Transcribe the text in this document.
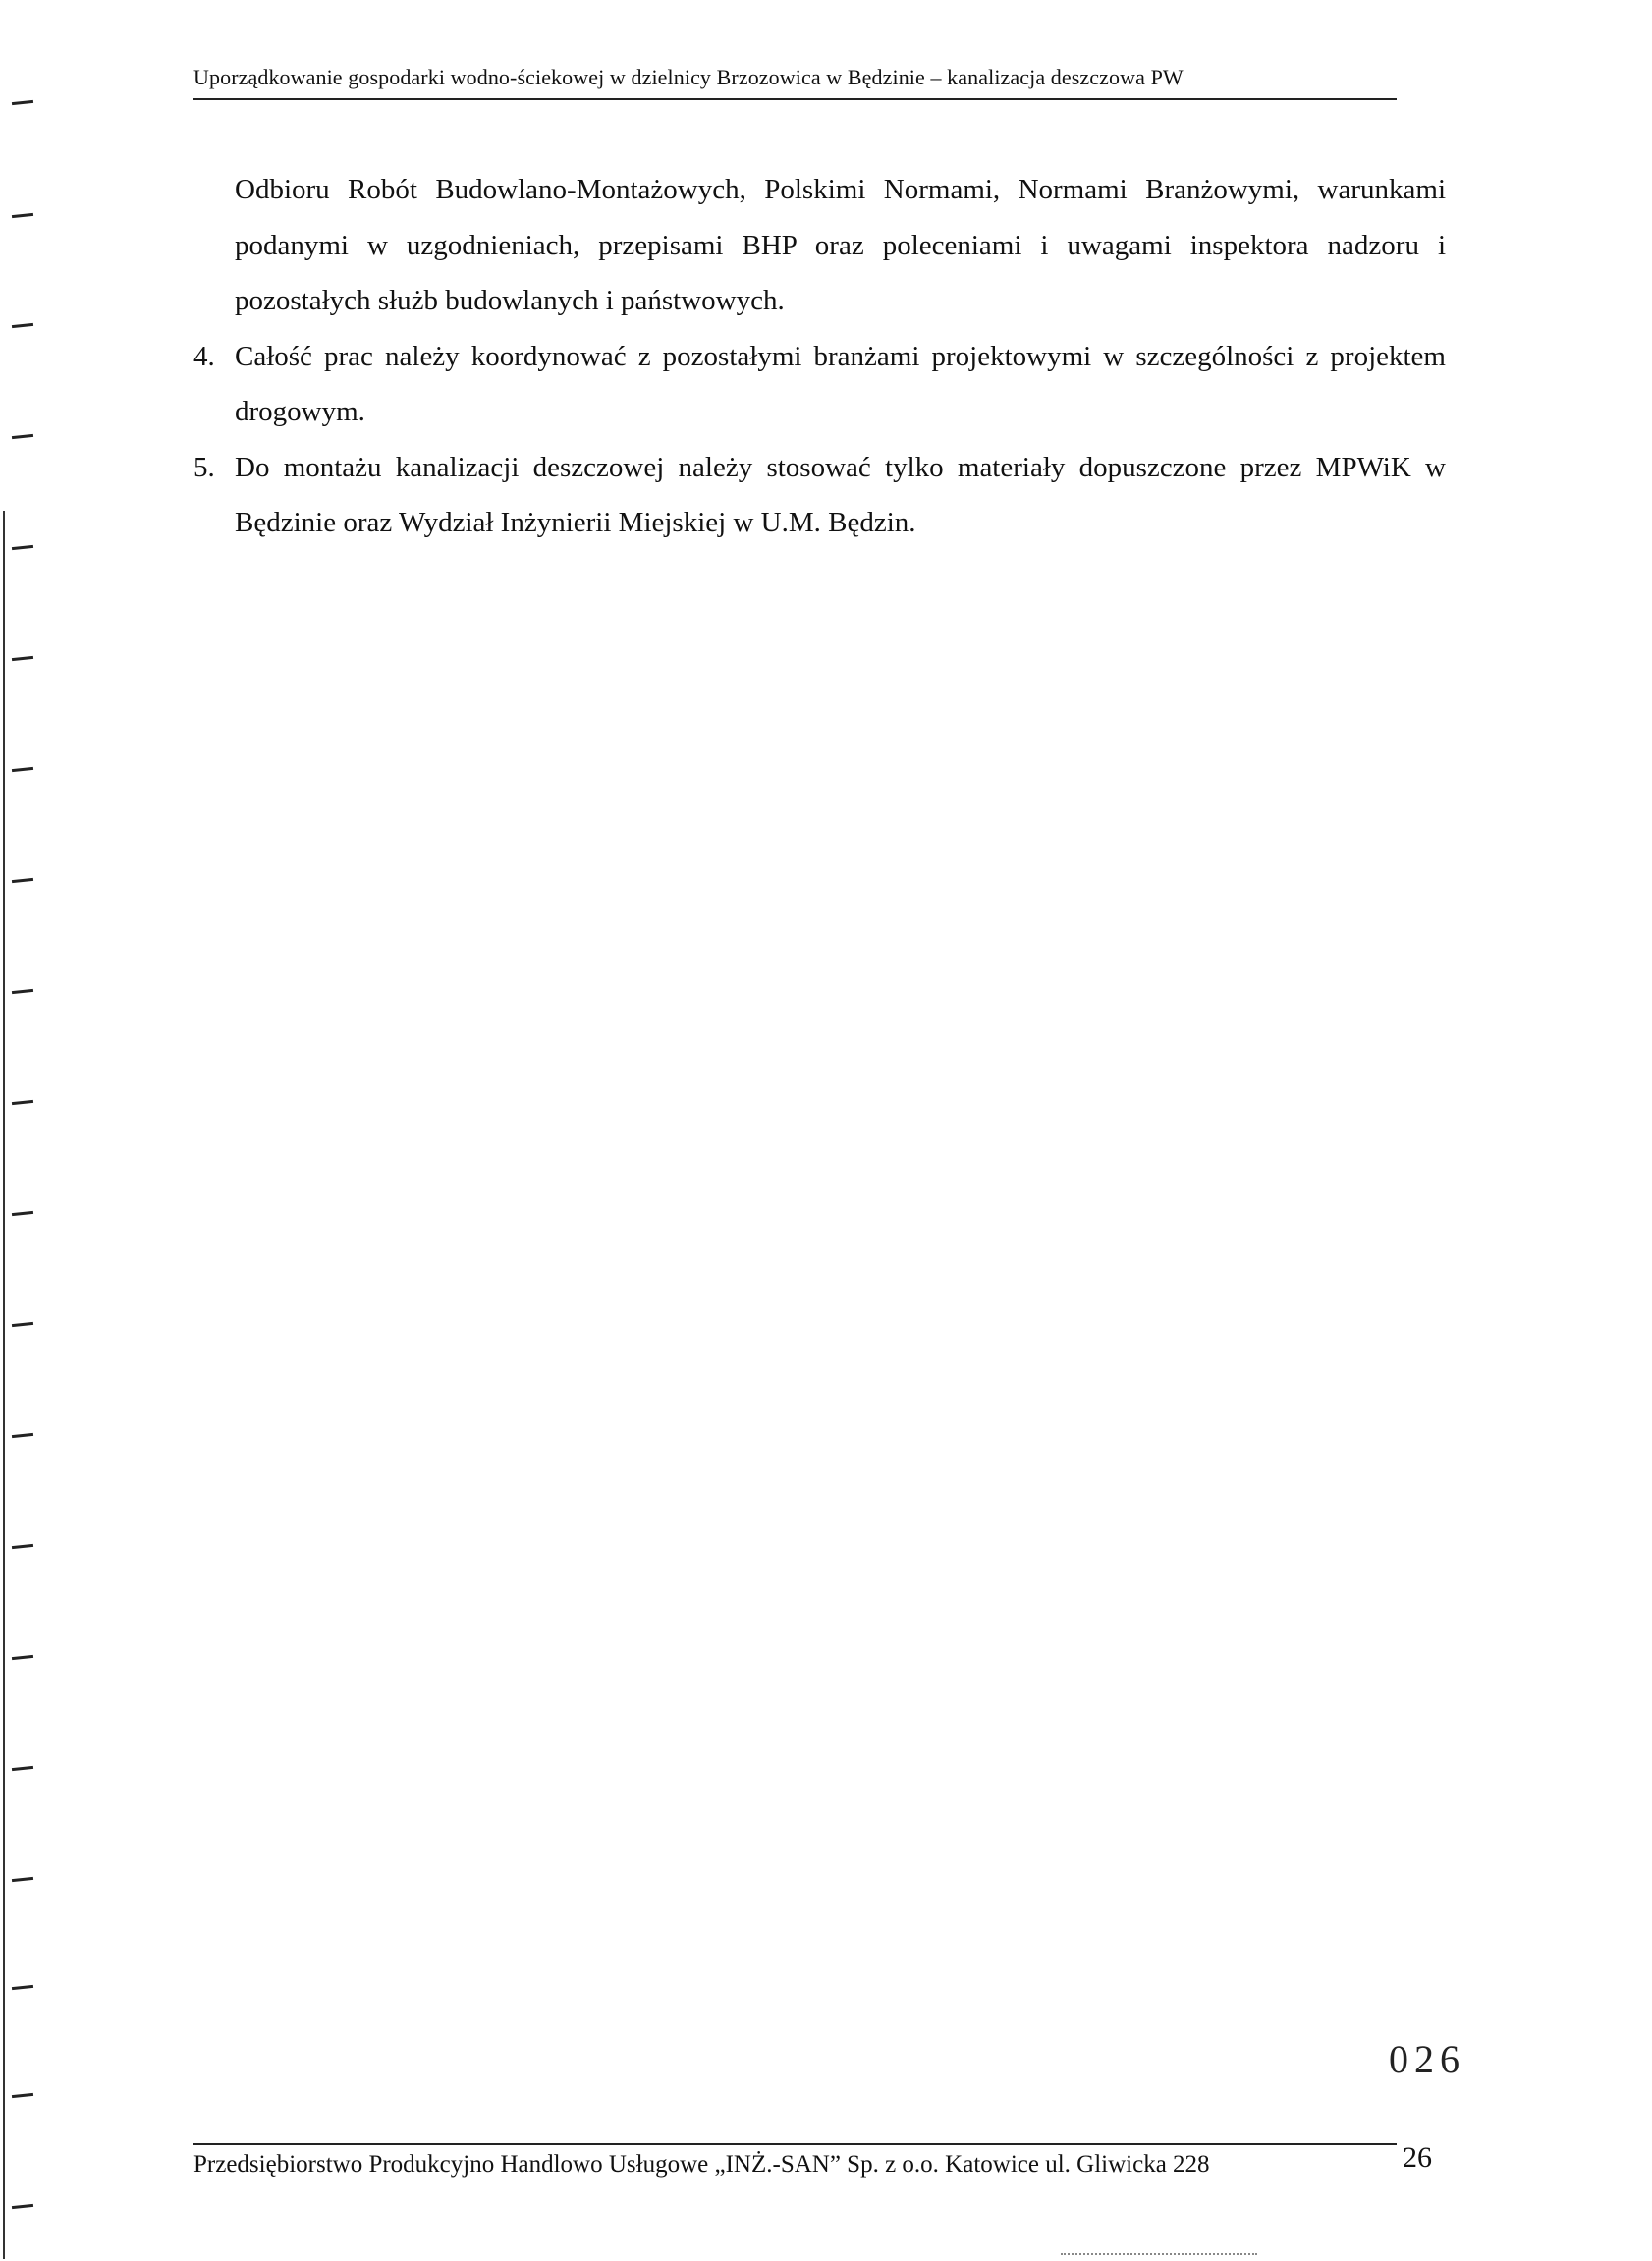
Uporządkowanie gospodarki wodno-ściekowej w dzielnicy Brzozowica w Będzinie – kanalizacja deszczowa PW
Odbioru Robót Budowlano-Montażowych, Polskimi Normami, Normami Branżowymi, warunkami podanymi w uzgodnieniach, przepisami BHP oraz poleceniami i uwagami inspektora nadzoru i pozostałych służb budowlanych i państwowych.
4. Całość prac należy koordynować z pozostałymi branżami projektowymi w szczególności z projektem drogowym.
5. Do montażu kanalizacji deszczowej należy stosować tylko materiały dopuszczone przez MPWiK w Będzinie oraz Wydział Inżynierii Miejskiej w U.M. Będzin.
026
Przedsiębiorstwo Produkcyjno Handlowo Usługowe „INŻ.-SAN” Sp. z o.o. Katowice ul. Gliwicka 228	26
